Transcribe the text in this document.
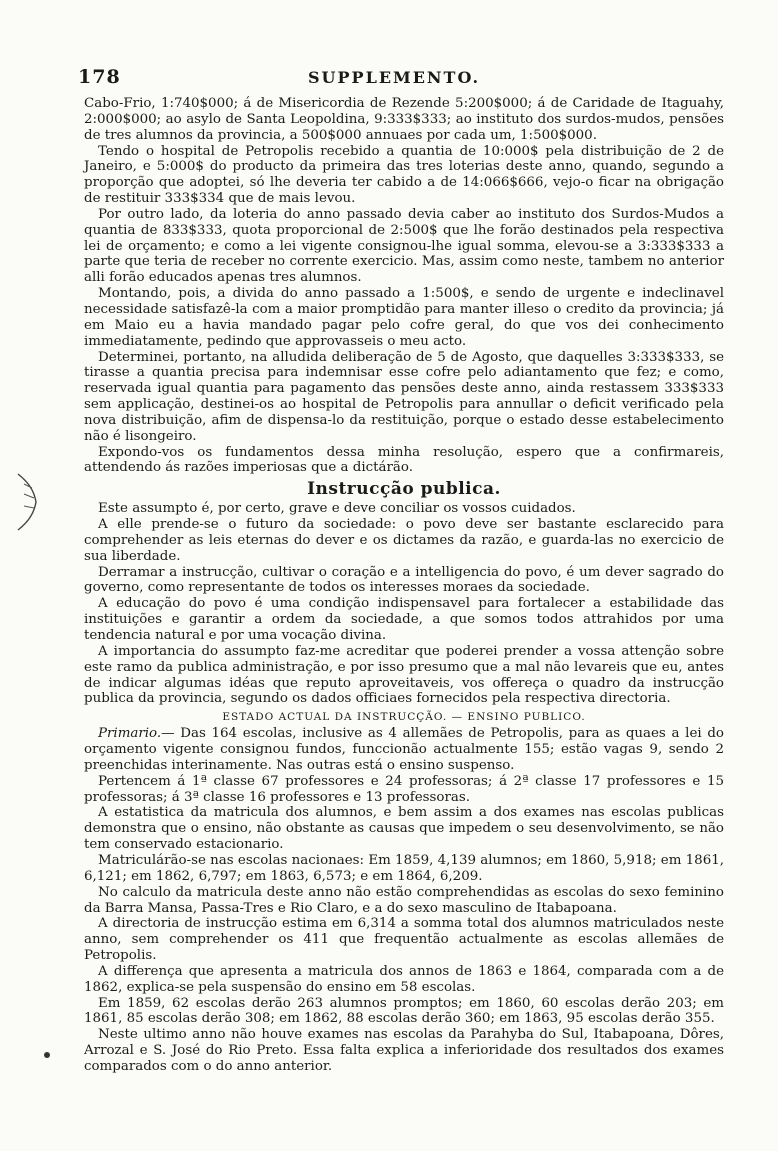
178	SUPPLEMENTO.

Cabo-Frio, 1:740$000; á de Misericordia de Rezende 5:200$000; á de Caridade de Itaguahy, 2:000$000; ao asylo de Santa Leopoldina, 9:333$333; ao instituto dos surdos-mudos, pensões de tres alumnos da provincia, a 500$000 annuaes por cada um, 1:500$000.

Tendo o hospital de Petropolis recebido a quantia de 10:000$ pela distribuição de 2 de Janeiro, e 5:000$ do producto da primeira das tres loterias deste anno, quando, segundo a proporção que adoptei, só lhe deveria ter cabido a de 14:066$666, vejo-o ficar na obrigação de restituir 333$334 que de mais levou.

Por outro lado, da loteria do anno passado devia caber ao instituto dos Surdos-Mudos a quantia de 833$333, quota proporcional de 2:500$ que lhe forão destinados pela respectiva lei de orçamento; e como a lei vigente consignou-lhe igual somma, elevou-se a 3:333$333 a parte que teria de receber no corrente exercicio. Mas, assim como neste, tambem no anterior alli forão educados apenas tres alumnos.

Montando, pois, a divida do anno passado a 1:500$, e sendo de urgente e indeclinavel necessidade satisfazê-la com a maior promptidão para manter illeso o credito da provincia; já em Maio eu a havia mandado pagar pelo cofre geral, do que vos dei conhecimento immediatamente, pedindo que approvasseis o meu acto.

Determinei, portanto, na alludida deliberação de 5 de Agosto, que daquelles 3:333$333, se tirasse a quantia precisa para indemnisar esse cofre pelo adiantamento que fez; e como, reservada igual quantia para pagamento das pensões deste anno, ainda restassem 333$333 sem applicação, destinei-os ao hospital de Petropolis para annullar o deficit verificado pela nova distribuição, afim de dispensa-lo da restituição, porque o estado desse estabelecimento não é lisongeiro.

Expondo-vos os fundamentos dessa minha resolução, espero que a confirmareis, attendendo ás razões imperiosas que a dictárão.

Instrucção publica.

Este assumpto é, por certo, grave e deve conciliar os vossos cuidados.

A elle prende-se o futuro da sociedade: o povo deve ser bastante esclarecido para comprehender as leis eternas do dever e os dictames da razão, e guarda-las no exercicio de sua liberdade.

Derramar a instrucção, cultivar o coração e a intelligencia do povo, é um dever sagrado do governo, como representante de todos os interesses moraes da sociedade.

A educação do povo é uma condição indispensavel para fortalecer a estabilidade das instituições e garantir a ordem da sociedade, a que somos todos attrahidos por uma tendencia natural e por uma vocação divina.

A importancia do assumpto faz-me acreditar que poderei prender a vossa attenção sobre este ramo da publica administração, e por isso presumo que a mal não levareis que eu, antes de indicar algumas idéas que reputo aproveitaveis, vos offereça o quadro da instrucção publica da provincia, segundo os dados officiaes fornecidos pela respectiva directoria.

ESTADO ACTUAL DA INSTRUCÇÃO. — ENSINO PUBLICO.

Primario.— Das 164 escolas, inclusive as 4 allemães de Petropolis, para as quaes a lei do orçamento vigente consignou fundos, funccionão actualmente 155; estão vagas 9, sendo 2 preenchidas interinamente. Nas outras está o ensino suspenso.

Pertencem á 1ª classe 67 professores e 24 professoras; á 2ª classe 17 professores e 15 professoras; á 3ª classe 16 professores e 13 professoras.

A estatistica da matricula dos alumnos, e bem assim a dos exames nas escolas publicas demonstra que o ensino, não obstante as causas que impedem o seu desenvolvimento, se não tem conservado estacionario.

Matriculárão-se nas escolas nacionaes: Em 1859, 4,139 alumnos; em 1860, 5,918; em 1861, 6,121; em 1862, 6,797; em 1863, 6,573; e em 1864, 6,209.

No calculo da matricula deste anno não estão comprehendidas as escolas do sexo feminino da Barra Mansa, Passa-Tres e Rio Claro, e a do sexo masculino de Itabapoana.

A directoria de instrucção estima em 6,314 a somma total dos alumnos matriculados neste anno, sem comprehender os 411 que frequentão actualmente as escolas allemães de Petropolis.

A differença que apresenta a matricula dos annos de 1863 e 1864, comparada com a de 1862, explica-se pela suspensão do ensino em 58 escolas.

Em 1859, 62 escolas derão 263 alumnos promptos; em 1860, 60 escolas derão 203; em 1861, 85 escolas derão 308; em 1862, 88 escolas derão 360; em 1863, 95 escolas derão 355.

Neste ultimo anno não houve exames nas escolas da Parahyba do Sul, Itabapoana, Dôres, Arrozal e S. José do Rio Preto. Essa falta explica a inferioridade dos resultados dos exames comparados com o do anno anterior.
